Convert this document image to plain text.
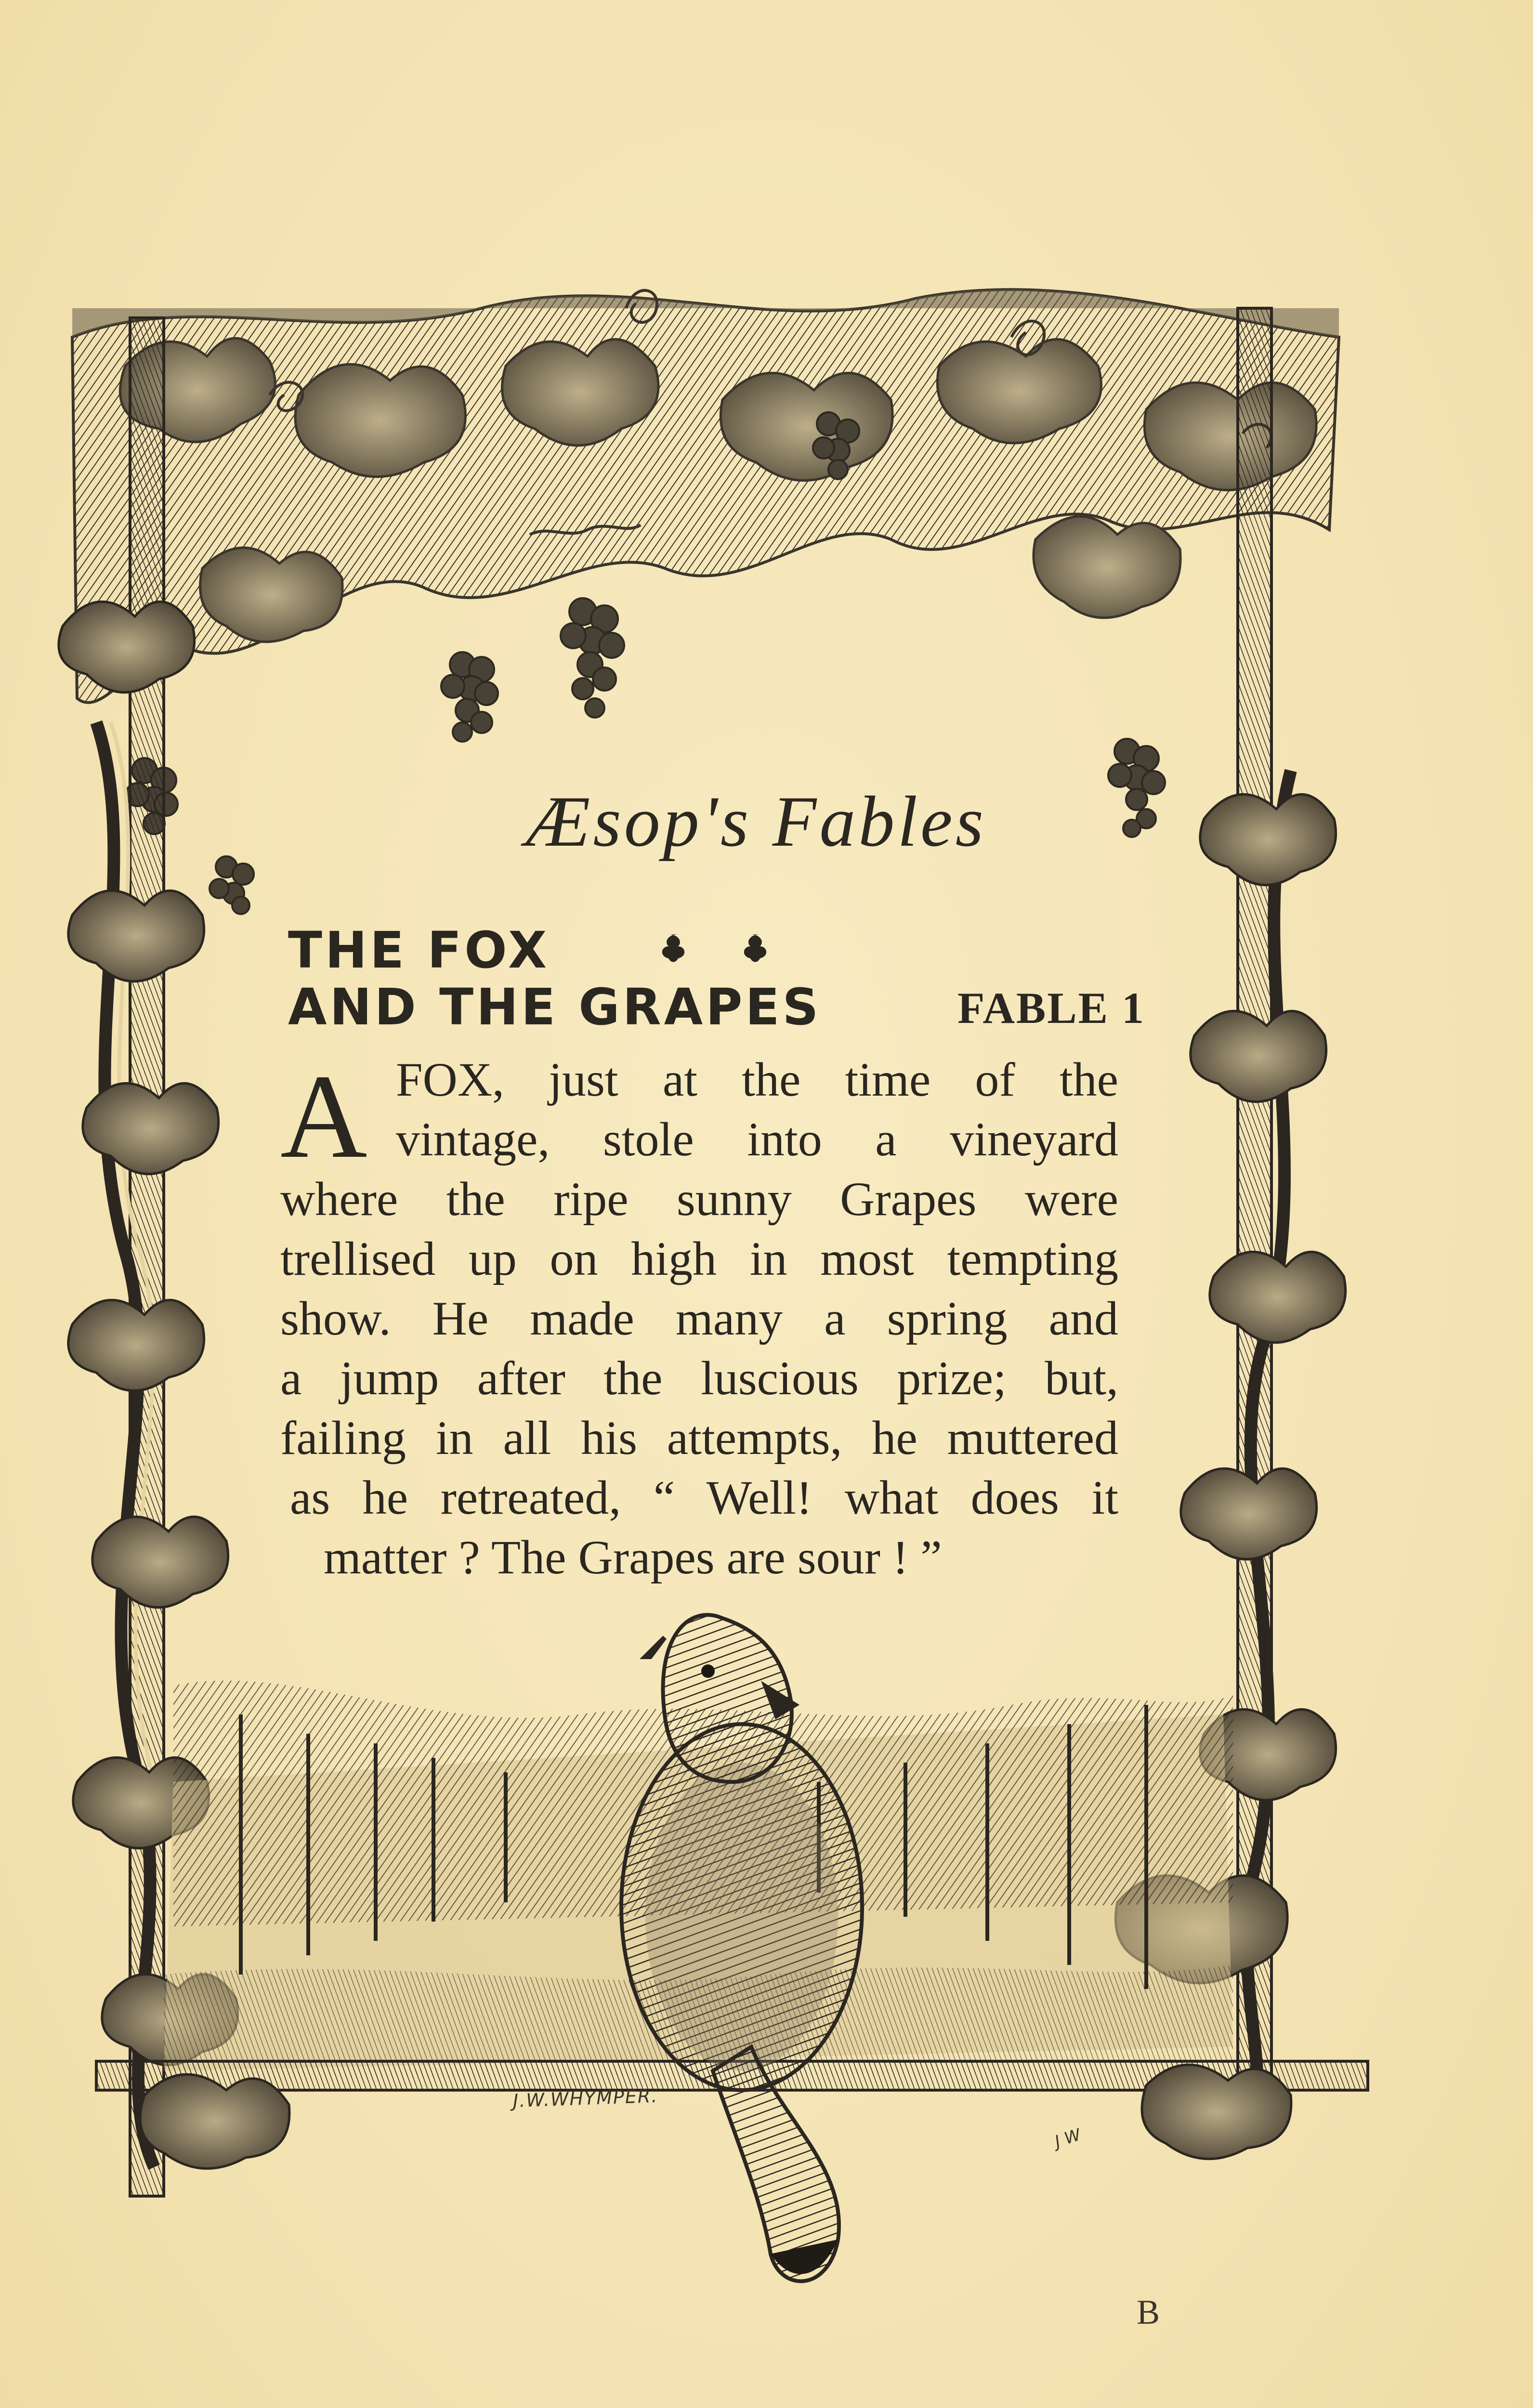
Æsop's Fables
THE FOX
AND THE GRAPES	FABLE 1
A FOX, just at the time of the
vintage, stole into a vineyard
where the ripe sunny Grapes were
trellised up on high in most tempting
show. He made many a spring and
a jump after the luscious prize; but,
failing in all his attempts, he muttered
as he retreated, “ Well! what does it
matter ? The Grapes are sour ! ”
J.W.WHYMPER.
J W
B
